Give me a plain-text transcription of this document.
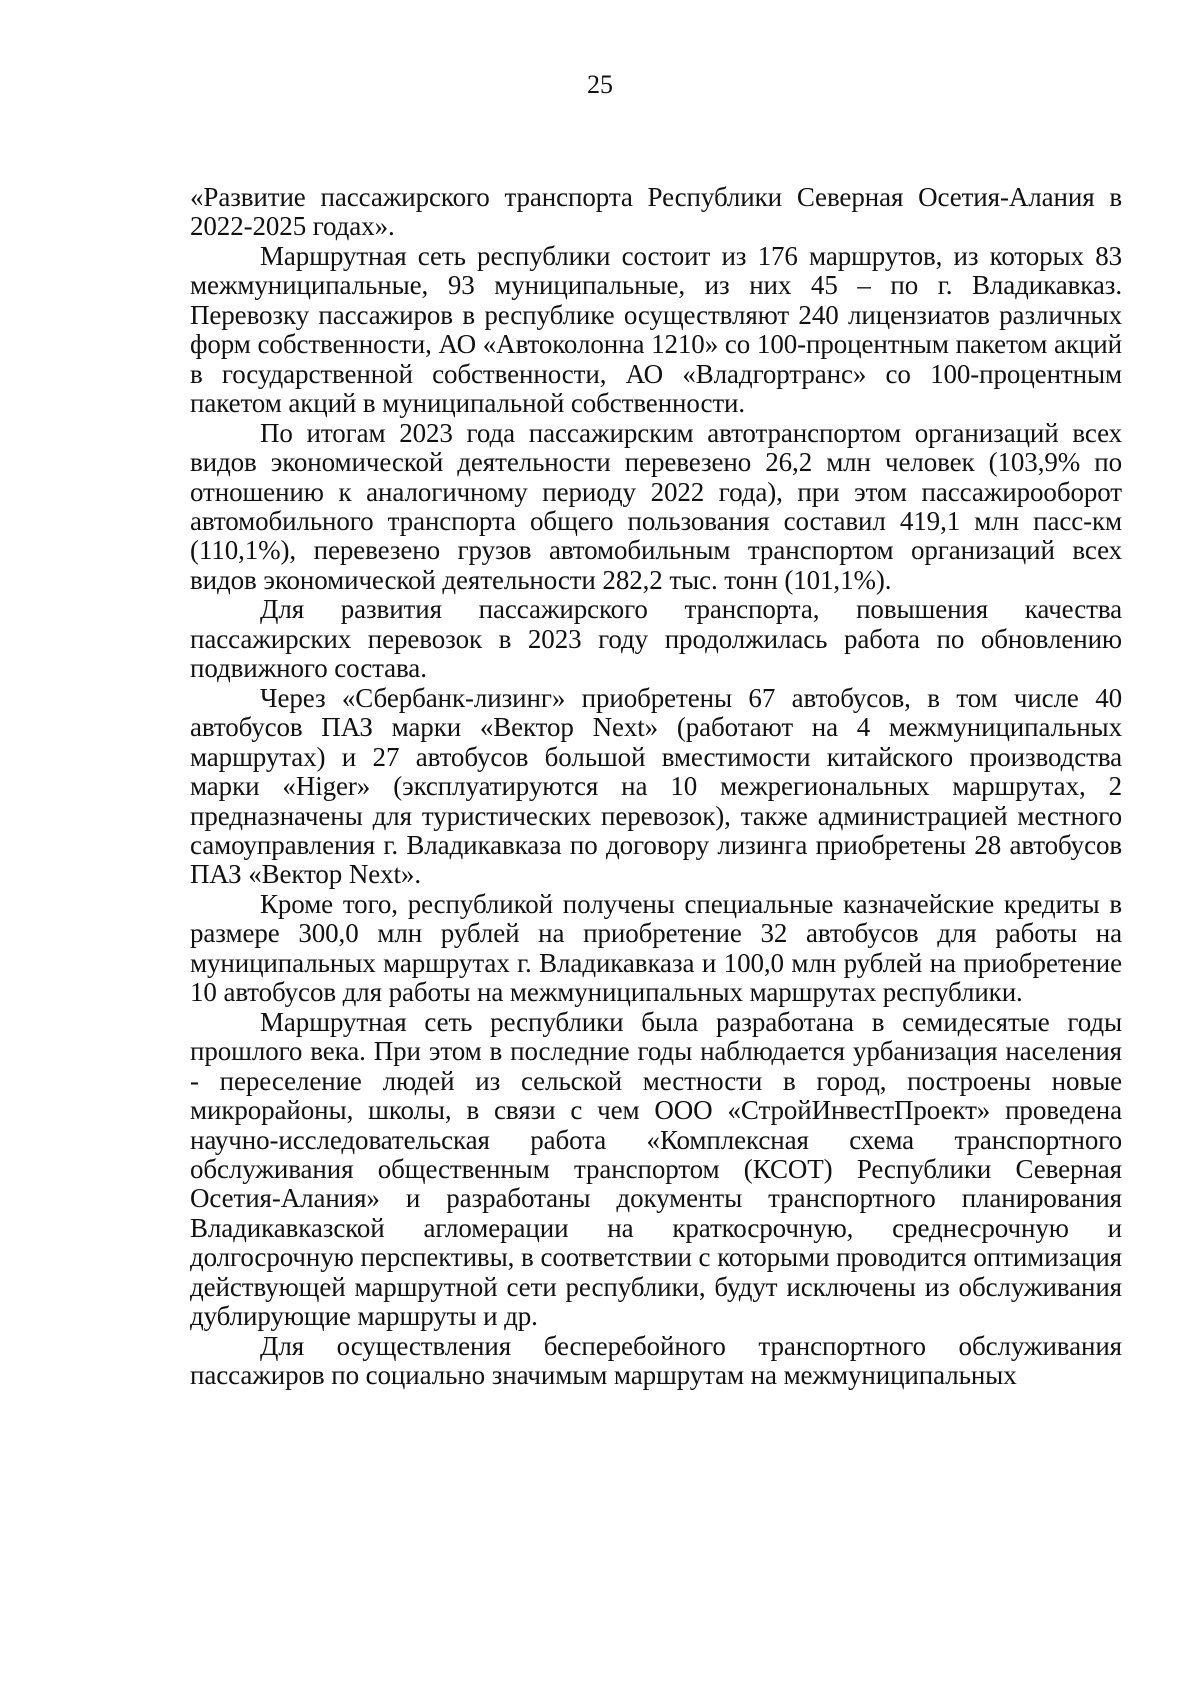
25

«Развитие пассажирского транспорта Республики Северная Осетия-Алания в 2022-2025 годах».

Маршрутная сеть республики состоит из 176 маршрутов, из которых 83 межмуниципальные, 93 муниципальные, из них 45 – по г. Владикавказ. Перевозку пассажиров в республике осуществляют 240 лицензиатов различных форм собственности, АО «Автоколонна 1210» со 100-процентным пакетом акций в государственной собственности, АО «Владгортранс» со 100-процентным пакетом акций в муниципальной собственности.

По итогам 2023 года пассажирским автотранспортом организаций всех видов экономической деятельности перевезено 26,2 млн человек (103,9% по отношению к аналогичному периоду 2022 года), при этом пассажирооборот автомобильного транспорта общего пользования составил 419,1 млн пасс-км (110,1%), перевезено грузов автомобильным транспортом организаций всех видов экономической деятельности 282,2 тыс. тонн (101,1%).

Для развития пассажирского транспорта, повышения качества пассажирских перевозок в 2023 году продолжилась работа по обновлению подвижного состава.

Через «Сбербанк-лизинг» приобретены 67 автобусов, в том числе 40 автобусов ПАЗ марки «Вектор Next» (работают на 4 межмуниципальных маршрутах) и 27 автобусов большой вместимости китайского производства марки «Higer» (эксплуатируются на 10 межрегиональных маршрутах, 2 предназначены для туристических перевозок), также администрацией местного самоуправления г. Владикавказа по договору лизинга приобретены 28 автобусов ПАЗ «Вектор Next».

Кроме того, республикой получены специальные казначейские кредиты в размере 300,0 млн рублей на приобретение 32 автобусов для работы на муниципальных маршрутах г. Владикавказа и 100,0 млн рублей на приобретение 10 автобусов для работы на межмуниципальных маршрутах республики.

Маршрутная сеть республики была разработана в семидесятые годы прошлого века. При этом в последние годы наблюдается урбанизация населения - переселение людей из сельской местности в город, построены новые микрорайоны, школы, в связи с чем ООО «СтройИнвестПроект» проведена научно-исследовательская работа «Комплексная схема транспортного обслуживания общественным транспортом (КСОТ) Республики Северная Осетия-Алания» и разработаны документы транспортного планирования Владикавказской агломерации на краткосрочную, среднесрочную и долгосрочную перспективы, в соответствии с которыми проводится оптимизация действующей маршрутной сети республики, будут исключены из обслуживания дублирующие маршруты и др.

Для осуществления бесперебойного транспортного обслуживания пассажиров по социально значимым маршрутам на межмуниципальных
